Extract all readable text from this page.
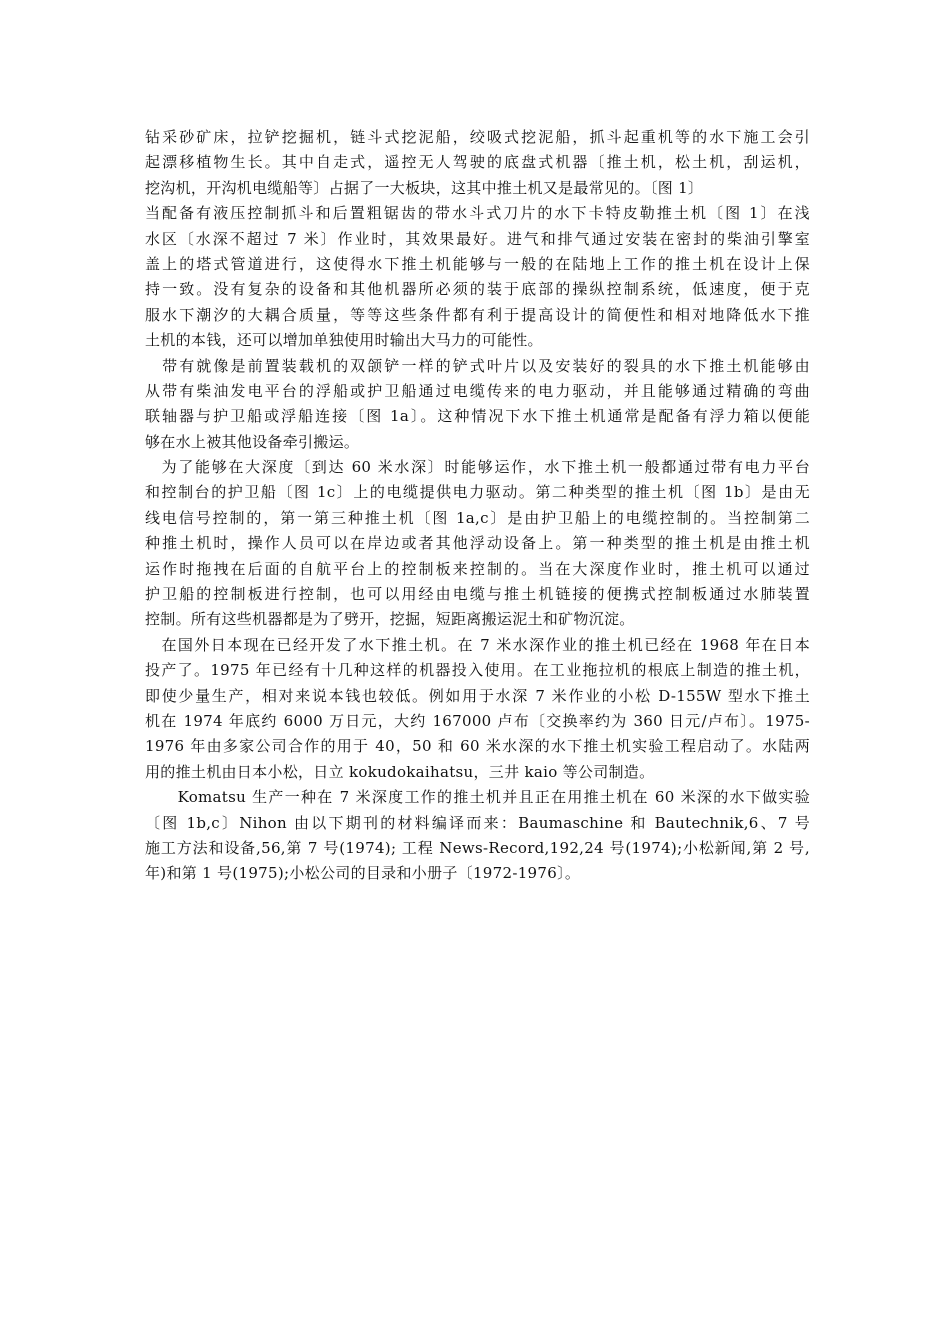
钻采砂矿床，拉铲挖掘机，链斗式挖泥船，绞吸式挖泥船，抓斗起重机等的水下施工会引
起漂移植物生长。其中自走式，遥控无人驾驶的底盘式机器〔推土机，松土机，刮运机，
挖沟机，开沟机电缆船等〕占据了一大板块，这其中推土机又是最常见的。〔图 1〕
当配备有液压控制抓斗和后置粗锯齿的带水斗式刀片的水下卡特皮勒推土机〔图 1〕在浅
水区〔水深不超过 7 米〕作业时，其效果最好。进气和排气通过安装在密封的柴油引擎室
盖上的塔式管道进行，这使得水下推土机能够与一般的在陆地上工作的推土机在设计上保
持一致。没有复杂的设备和其他机器所必须的装于底部的操纵控制系统，低速度，便于克
服水下潮汐的大耦合质量，等等这些条件都有利于提高设计的简便性和相对地降低水下推
土机的本钱，还可以增加单独使用时输出大马力的可能性。
　带有就像是前置装载机的双颌铲一样的铲式叶片以及安装好的裂具的水下推土机能够由
从带有柴油发电平台的浮船或护卫船通过电缆传来的电力驱动，并且能够通过精确的弯曲
联轴器与护卫船或浮船连接〔图 1a〕。这种情况下水下推土机通常是配备有浮力箱以便能
够在水上被其他设备牵引搬运。
　为了能够在大深度〔到达 60 米水深〕时能够运作，水下推土机一般都通过带有电力平台
和控制台的护卫船〔图 1c〕上的电缆提供电力驱动。第二种类型的推土机〔图 1b〕是由无
线电信号控制的，第一第三种推土机〔图 1a,c〕是由护卫船上的电缆控制的。当控制第二
种推土机时，操作人员可以在岸边或者其他浮动设备上。第一种类型的推土机是由推土机
运作时拖拽在后面的自航平台上的控制板来控制的。当在大深度作业时，推土机可以通过
护卫船的控制板进行控制，也可以用经由电缆与推土机链接的便携式控制板通过水肺装置
控制。所有这些机器都是为了劈开，挖掘，短距离搬运泥土和矿物沉淀。
　在国外日本现在已经开发了水下推土机。在 7 米水深作业的推土机已经在 1968 年在日本
投产了。1975 年已经有十几种这样的机器投入使用。在工业拖拉机的根底上制造的推土机，
即使少量生产，相对来说本钱也较低。例如用于水深 7 米作业的小松 D-155W 型水下推土
机在 1974 年底约 6000 万日元，大约 167000 卢布〔交换率约为 360 日元/卢布〕。1975-
1976 年由多家公司合作的用于 40，50 和 60 米水深的水下推土机实验工程启动了。水陆两
用的推土机由日本小松，日立 kokudokaihatsu，三井 kaio 等公司制造。
　　Komatsu 生产一种在 7 米深度工作的推土机并且正在用推土机在 60 米深的水下做实验
〔图 1b,c〕Nihon 由以下期刊的材料编译而来：Baumaschine 和 Bautechnik,6、7 号
施工方法和设备,56,第 7 号(1974); 工程 News-Record,192,24 号(1974);小松新闻,第 2 号,
年)和第 1 号(1975);小松公司的目录和小册子〔1972-1976〕。
